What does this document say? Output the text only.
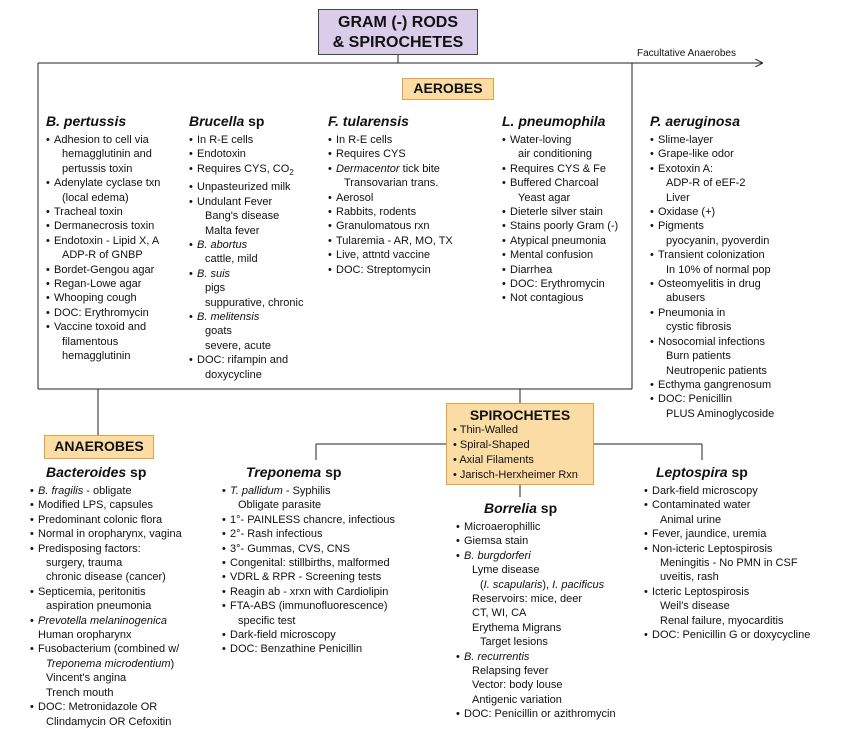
GRAM (-) RODS
& SPIROCHETES
Facultative Anaerobes
AEROBES
B. pertussis
• Adhesion to cell via
hemagglutinin and
pertussis toxin
• Adenylate cyclase txn
(local edema)
• Tracheal toxin
• Dermanecrosis toxin
• Endotoxin - Lipid X, A
ADP-R of GNBP
• Bordet-Gengou agar
• Regan-Lowe agar
• Whooping cough
• DOC: Erythromycin
• Vaccine toxoid and
filamentous
hemagglutinin
Brucella sp
• In R-E cells
• Endotoxin
• Requires CYS, $CO_2$
• Unpasteurized milk
• Undulant Fever
Bang's disease
Malta fever
• B. abortus
cattle, mild
• B. suis
pigs
suppurative, chronic
• B. melitensis
goats
severe, acute
• DOC: rifampin and
doxycycline
F. tularensis
• In R-E cells
• Requires CYS
• Dermacentor tick bite
Transovarian trans.
• Aerosol
• Rabbits, rodents
• Granulomatous rxn
• Tularemia - AR, MO, TX
• Live, attntd vaccine
• DOC: Streptomycin
L. pneumophila
• Water-loving
air conditioning
• Requires CYS & Fe
• Buffered Charcoal
Yeast agar
• Dieterle silver stain
• Stains poorly Gram (-)
• Atypical pneumonia
• Mental confusion
• Diarrhea
• DOC: Erythromycin
• Not contagious
P. aeruginosa
• Slime-layer
• Grape-like odor
• Exotoxin A:
ADP-R of eEF-2
Liver
• Oxidase (+)
• Pigments
pyocyanin, pyoverdin
• Transient colonization
In 10% of normal pop
• Osteomyelitis in drug
abusers
• Pneumonia in
cystic fibrosis
• Nosocomial infections
Burn patients
Neutropenic patients
• Ecthyma gangrenosum
• DOC: Penicillin
PLUS Aminoglycoside
ANAEROBES
Bacteroides sp
• B. fragilis - obligate
• Modified LPS, capsules
• Predominant colonic flora
• Normal in oropharynx, vagina
• Predisposing factors:
surgery, trauma
chronic disease (cancer)
• Septicemia, peritonitis
aspiration pneumonia
• Prevotella melaninogenica
Human oropharynx
• Fusobacterium (combined w/
Treponema microdentium)
Vincent's angina
Trench mouth
• DOC: Metronidazole OR
Clindamycin OR Cefoxitin
SPIROCHETES
• Thin-Walled
• Spiral-Shaped
• Axial Filaments
• Jarisch-Herxheimer Rxn
Treponema sp
• T. pallidum - Syphilis
Obligate parasite
• 1°- PAINLESS chancre, infectious
• 2°- Rash infectious
• 3°- Gummas, CVS, CNS
• Congenital: stillbirths, malformed
• VDRL & RPR - Screening tests
• Reagin ab - xrxn with Cardiolipin
• FTA-ABS (immunofluorescence)
specific test
• Dark-field microscopy
• DOC: Benzathine Penicillin
Borrelia sp
• Microaerophillic
• Giemsa stain
• B. burgdorferi
Lyme disease
(I. scapularis), I. pacificus
Reservoirs: mice, deer
CT, WI, CA
Erythema Migrans
Target lesions
• B. recurrentis
Relapsing fever
Vector: body louse
Antigenic variation
• DOC: Penicillin or azithromycin
Leptospira sp
• Dark-field microscopy
• Contaminated water
Animal urine
• Fever, jaundice, uremia
• Non-icteric Leptospirosis
Meningitis - No PMN in CSF
uveitis, rash
• Icteric Leptospirosis
Weil's disease
Renal failure, myocarditis
• DOC: Penicillin G or doxycycline
